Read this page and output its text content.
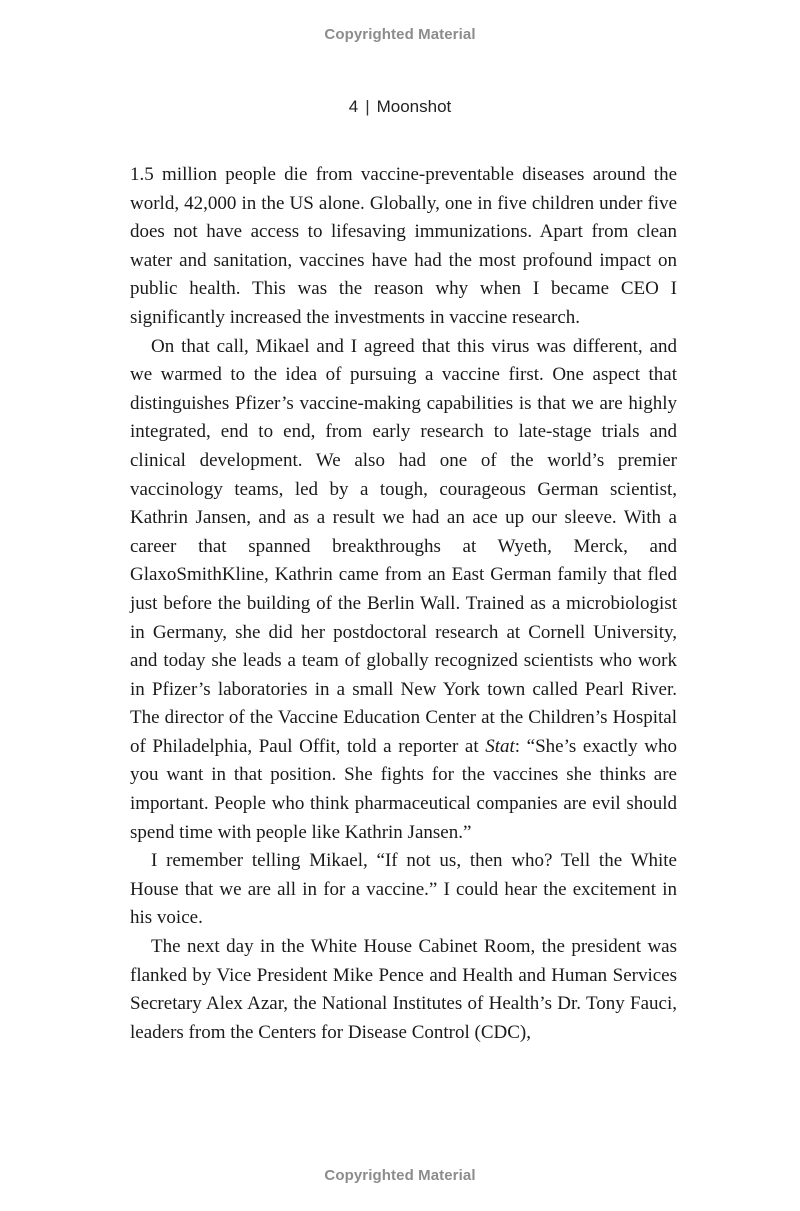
Copyrighted Material
4 | Moonshot

1.5 million people die from vaccine-preventable diseases around the world, 42,000 in the US alone. Globally, one in five children under five does not have access to lifesaving immunizations. Apart from clean water and sanitation, vaccines have had the most profound impact on public health. This was the reason why when I became CEO I significantly increased the investments in vaccine research.

On that call, Mikael and I agreed that this virus was different, and we warmed to the idea of pursuing a vaccine first. One aspect that distinguishes Pfizer’s vaccine-making capabilities is that we are highly integrated, end to end, from early research to late-stage trials and clinical development. We also had one of the world’s premier vaccinology teams, led by a tough, courageous German scientist, Kathrin Jansen, and as a result we had an ace up our sleeve. With a career that spanned breakthroughs at Wyeth, Merck, and GlaxoSmithKline, Kathrin came from an East German family that fled just before the building of the Berlin Wall. Trained as a microbiologist in Germany, she did her postdoctoral research at Cornell University, and today she leads a team of globally recognized scientists who work in Pfizer’s laboratories in a small New York town called Pearl River. The director of the Vaccine Education Center at the Children’s Hospital of Philadelphia, Paul Offit, told a reporter at Stat: “She’s exactly who you want in that position. She fights for the vaccines she thinks are important. People who think pharmaceutical companies are evil should spend time with people like Kathrin Jansen.”

I remember telling Mikael, “If not us, then who? Tell the White House that we are all in for a vaccine.” I could hear the excitement in his voice.

The next day in the White House Cabinet Room, the president was flanked by Vice President Mike Pence and Health and Human Services Secretary Alex Azar, the National Institutes of Health’s Dr. Tony Fauci, leaders from the Centers for Disease Control (CDC),

Copyrighted Material
